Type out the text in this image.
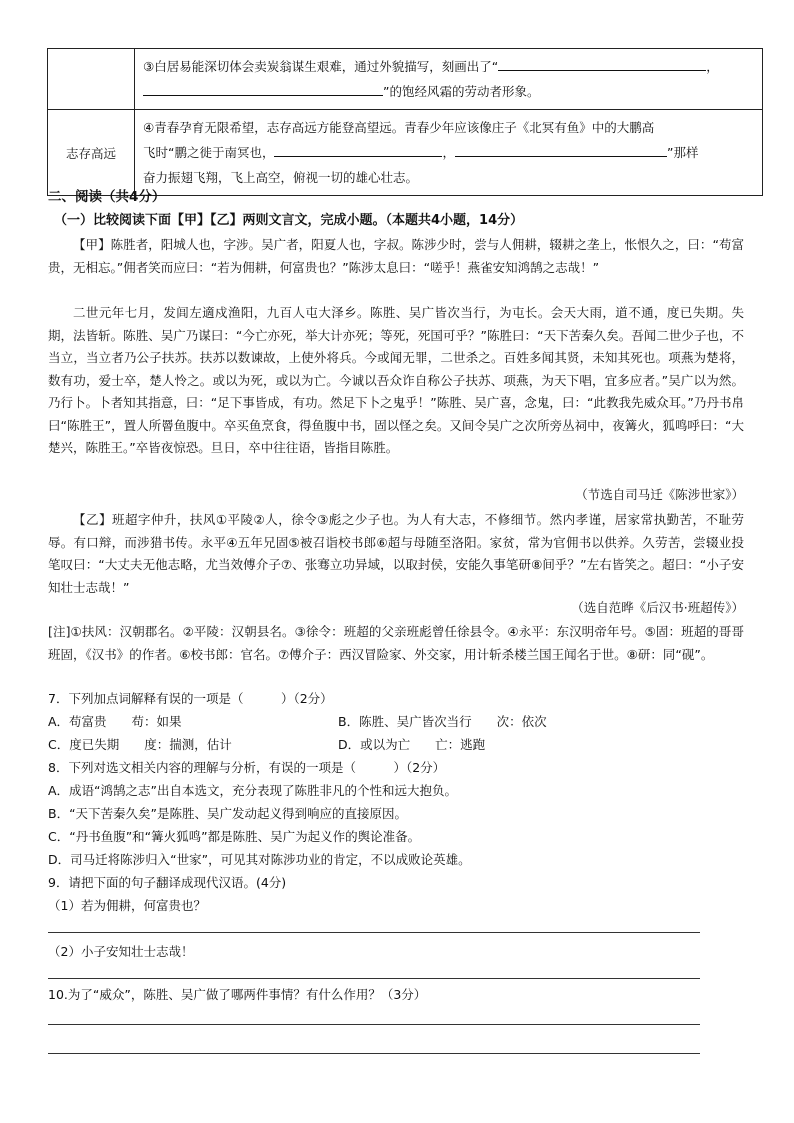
	③白居易能深切体会卖炭翁谋生艰难，通过外貌描写，刻画出了“ ，
”的饱经风霜的劳动者形象。

志存高远	④青春孕育无限希望，志存高远方能登高望远。青春少年应该像庄子《北冥有鱼》中的大鹏高
飞时“鹏之徙于南冥也， ， ”那样
奋力振翅飞翔，飞上高空，俯视一切的雄心壮志。
二、阅读（共4分）
（一）比较阅读下面【甲】【乙】两则文言文，完成小题。（本题共4小题，14分）
【甲】陈胜者，阳城人也，字涉。吴广者，阳夏人也，字叔。陈涉少时，尝与人佣耕，辍耕之垄上，怅恨久之，曰：“苟富贵，无相忘。”佣者笑而应曰：“若为佣耕，何富贵也？”陈涉太息曰：“嗟乎！燕雀安知鸿鹄之志哉！”
二世元年七月，发闾左適戍渔阳，九百人屯大泽乡。陈胜、吴广皆次当行，为屯长。会天大雨，道不通，度已失期。失期，法皆斩。陈胜、吴广乃谋曰：“今亡亦死，举大计亦死；等死，死国可乎？”陈胜曰：“天下苦秦久矣。吾闻二世少子也，不当立，当立者乃公子扶苏。扶苏以数谏故，上使外将兵。今或闻无罪，二世杀之。百姓多闻其贤，未知其死也。项燕为楚将，数有功，爱士卒，楚人怜之。或以为死，或以为亡。今诚以吾众诈自称公子扶苏、项燕，为天下唱，宜多应者。”吴广以为然。乃行卜。卜者知其指意，曰：“足下事皆成，有功。然足下卜之鬼乎！”陈胜、吴广喜，念鬼，曰：“此教我先威众耳。”乃丹书帛曰“陈胜王”，置人所罾鱼腹中。卒买鱼烹食，得鱼腹中书，固以怪之矣。又间令吴广之次所旁丛祠中，夜篝火，狐鸣呼曰：“大楚兴，陈胜王。”卒皆夜惊恐。旦日，卒中往往语，皆指目陈胜。
（节选自司马迁《陈涉世家》）
【乙】班超字仲升，扶风①平陵②人，徐令③彪之少子也。为人有大志，不修细节。然内孝谨，居家常执勤苦，不耻劳辱。有口辩，而涉猎书传。永平④五年兄固⑤被召诣校书郎⑥超与母随至洛阳。家贫，常为官佣书以供养。久劳苦，尝辍业投笔叹曰：“大丈夫无他志略，尤当效傅介子⑦、张骞立功异域，以取封侯，安能久事笔研⑧间乎？”左右皆笑之。超曰：“小子安知壮士志哉！”
（选自范晔《后汉书·班超传》）
[注]①扶风：汉朝郡名。②平陵：汉朝县名。③徐令：班超的父亲班彪曾任徐县令。④永平：东汉明帝年号。⑤固：班超的哥哥班固，《汉书》的作者。⑥校书郎：官名。⑦傅介子：西汉冒险家、外交家，用计斩杀楼兰国王闻名于世。⑧研：同“砚”。
7．下列加点词解释有误的一项是（　　　）（2分）
A．苟富贵　　苟：如果	B．陈胜、吴广皆次当行　　次：依次
C．度已失期　　度：揣测，估计	D．或以为亡　　亡：逃跑
8．下列对选文相关内容的理解与分析，有误的一项是（　　　）（2分）
A．成语“鸿鹄之志”出自本选文，充分表现了陈胜非凡的个性和远大抱负。
B．“天下苦秦久矣”是陈胜、吴广发动起义得到响应的直接原因。
C．“丹书鱼腹”和“篝火狐鸣”都是陈胜、吴广为起义作的舆论准备。
D．司马迁将陈涉归入“世家”，可见其对陈涉功业的肯定，不以成败论英雄。
9．请把下面的句子翻译成现代汉语。(4分)
（1）若为佣耕，何富贵也？
（2）小子安知壮士志哉！
10.为了“威众”，陈胜、吴广做了哪两件事情？有什么作用？（3分）
